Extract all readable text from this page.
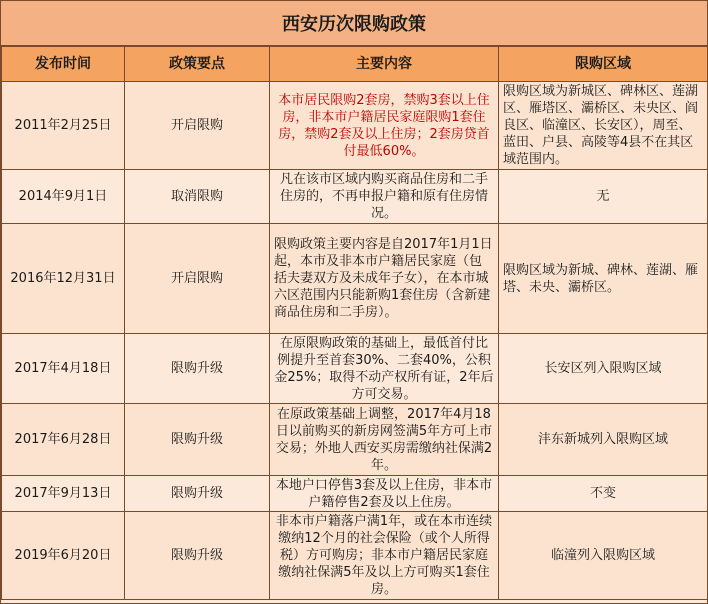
西安历次限购政策
发布时间	政策要点	主要内容	限购区域
2011年2月25日	开启限购	本市居民限购2套房，禁购3套以上住房，非本市户籍居民家庭限购1套住房，禁购2套及以上住房；2套房贷首付最低60%。	限购区域为新城区、碑林区、莲湖区、雁塔区、灞桥区、未央区、阎良区、临潼区、长安区），周至、蓝田、户县、高陵等4县不在其区域范围内。
2014年9月1日	取消限购	凡在该市区域内购买商品住房和二手住房的，不再申报户籍和原有住房情况。	无
2016年12月31日	开启限购	限购政策主要内容是自2017年1月1日起，本市及非本市户籍居民家庭（包括夫妻双方及未成年子女），在本市城六区范围内只能新购1套住房（含新建商品住房和二手房）。	限购区域为新城、碑林、莲湖、雁塔、未央、灞桥区。
2017年4月18日	限购升级	在原限购政策的基础上，最低首付比例提升至首套30%、二套40%，公积金25%；取得不动产权所有证，2年后方可交易。	长安区列入限购区域
2017年6月28日	限购升级	在原政策基础上调整，2017年4月18日以前购买的新房网签满5年方可上市交易；外地人西安买房需缴纳社保满2年。	沣东新城列入限购区域
2017年9月13日	限购升级	本地户口停售3套及以上住房，非本市户籍停售2套及以上住房。	不变
2019年6月20日	限购升级	非本市户籍落户满1年，或在本市连续缴纳12个月的社会保险（或个人所得税）方可购房；非本市户籍居民家庭缴纳社保满5年及以上方可购买1套住房。	临潼列入限购区域
